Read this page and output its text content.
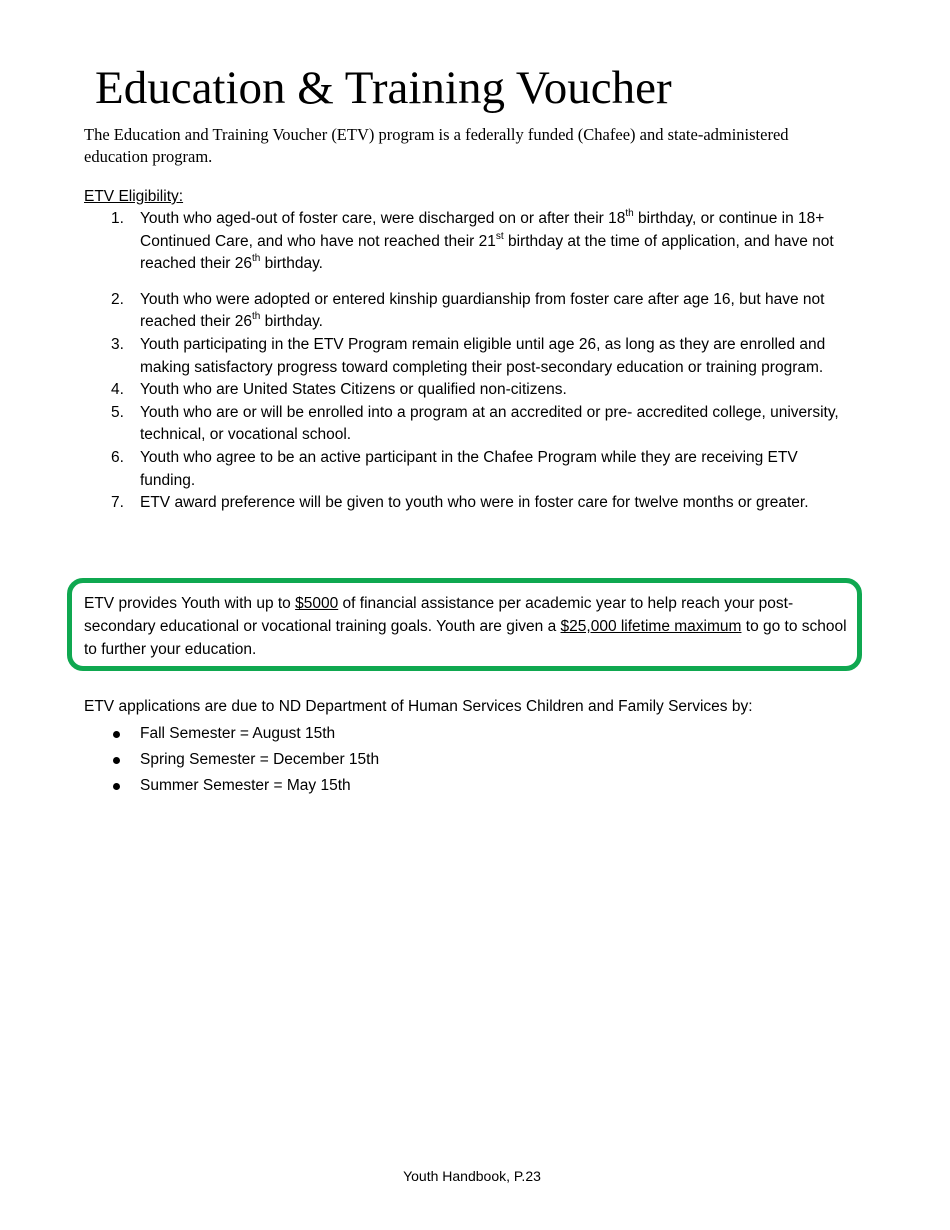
Education & Training Voucher

The Education and Training Voucher (ETV) program is a federally funded (Chafee) and state-administered education program.

ETV Eligibility:

1. Youth who aged-out of foster care, were discharged on or after their 18th birthday, or continue in 18+ Continued Care, and who have not reached their 21st birthday at the time of application, and have not reached their 26th birthday.
2. Youth who were adopted or entered kinship guardianship from foster care after age 16, but have not reached their 26th birthday.
3. Youth participating in the ETV Program remain eligible until age 26, as long as they are enrolled and making satisfactory progress toward completing their post-secondary education or training program.
4. Youth who are United States Citizens or qualified non-citizens.
5. Youth who are or will be enrolled into a program at an accredited or pre- accredited college, university, technical, or vocational school.
6. Youth who agree to be an active participant in the Chafee Program while they are receiving ETV funding.
7. ETV award preference will be given to youth who were in foster care for twelve months or greater.

ETV provides Youth with up to $5000 of financial assistance per academic year to help reach your post-secondary educational or vocational training goals. Youth are given a $25,000 lifetime maximum to go to school to further your education.

ETV applications are due to ND Department of Human Services Children and Family Services by:

Fall Semester = August 15th
Spring Semester = December 15th
Summer Semester = May 15th

Youth Handbook, P.23
